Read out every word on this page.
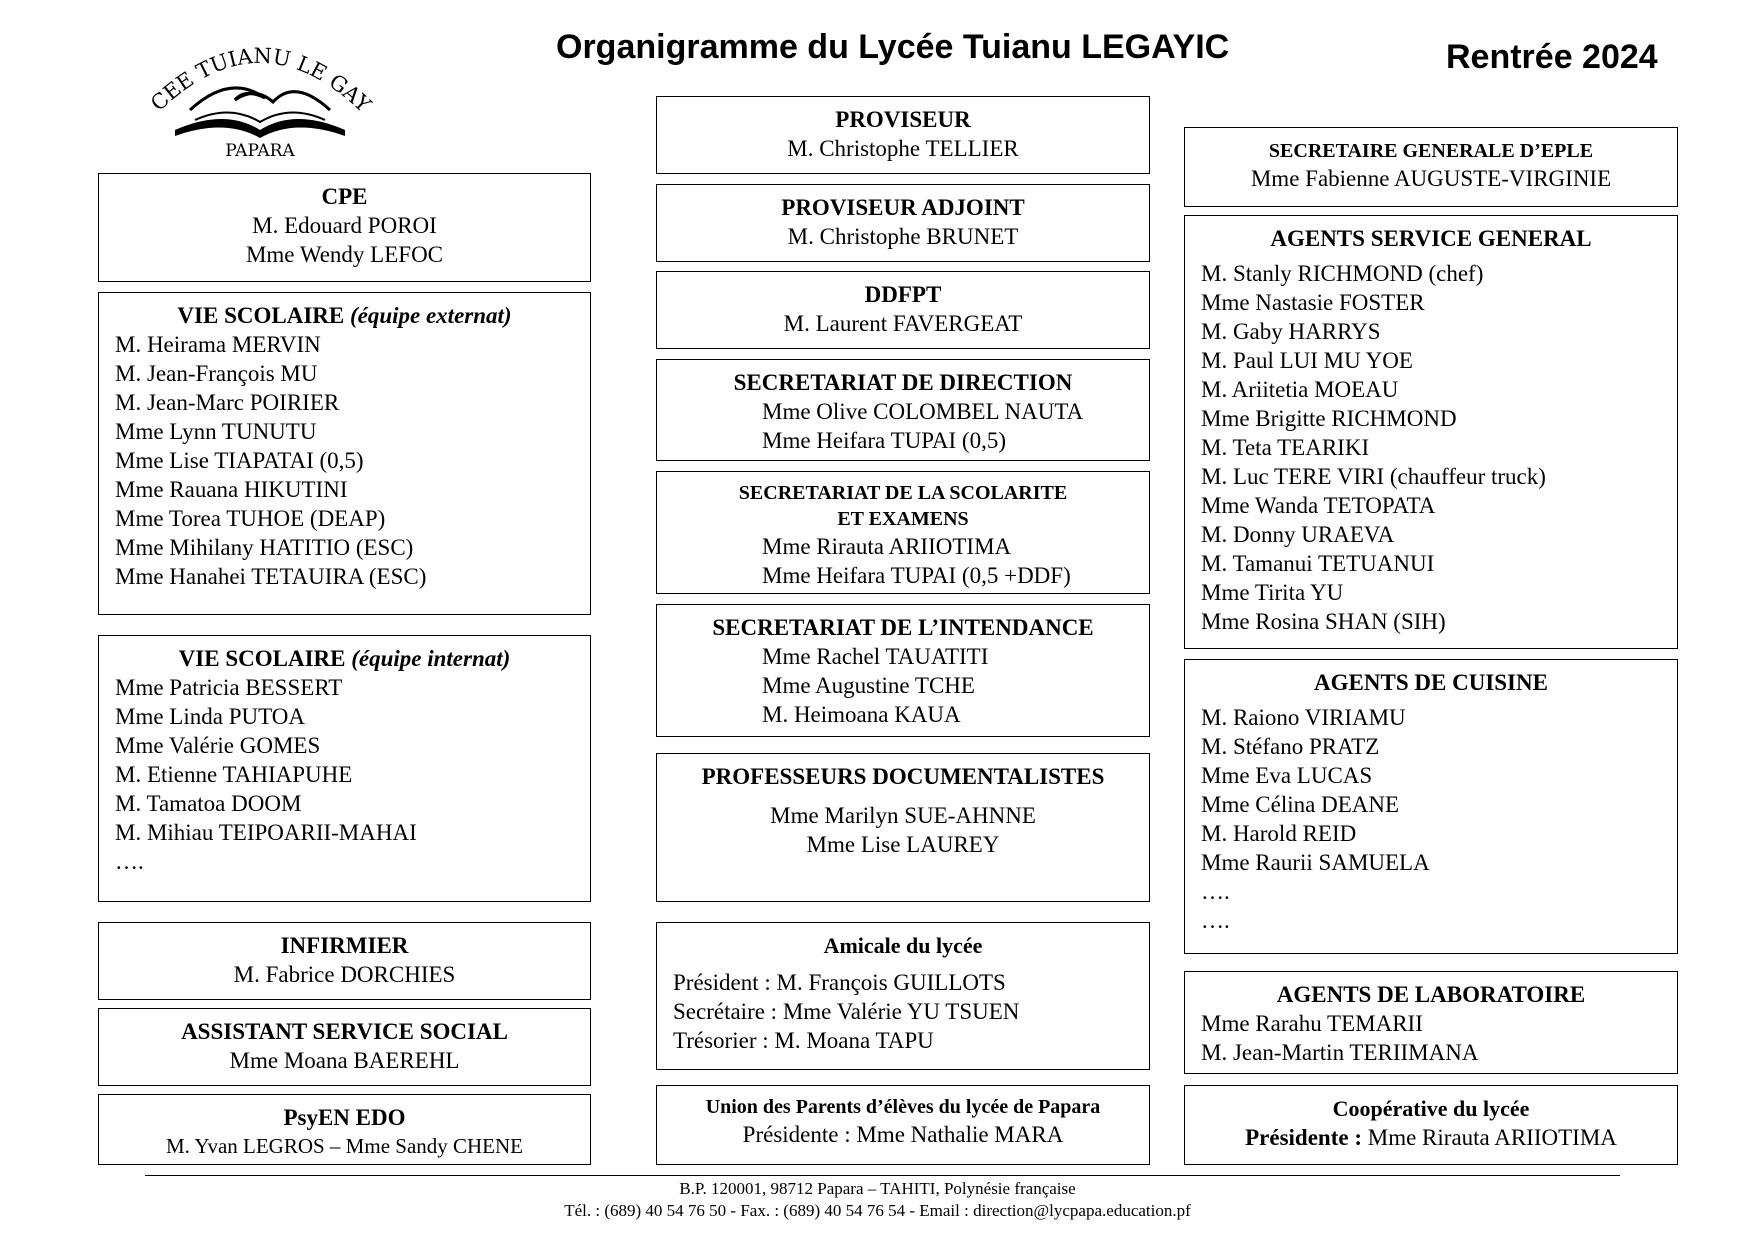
CEE TUIANU LE GAY
PAPARA
Organigramme du Lycée Tuianu LEGAYIC	Rentrée 2024
CPE
M. Edouard POROI
Mme Wendy LEFOC
VIE SCOLAIRE (équipe externat)
M. Heirama MERVIN
M. Jean-François MU
M. Jean-Marc POIRIER
Mme Lynn TUNUTU
Mme Lise TIAPATAI (0,5)
Mme Rauana HIKUTINI
Mme Torea TUHOE (DEAP)
Mme Mihilany HATITIO (ESC)
Mme Hanahei TETAUIRA (ESC)
VIE SCOLAIRE (équipe internat)
Mme Patricia BESSERT
Mme Linda PUTOA
Mme Valérie GOMES
M. Etienne TAHIAPUHE
M. Tamatoa DOOM
M. Mihiau TEIPOARII-MAHAI
….
INFIRMIER
M. Fabrice DORCHIES
ASSISTANT SERVICE SOCIAL
Mme Moana BAEREHL
PsyEN EDO
M. Yvan LEGROS – Mme Sandy CHENE
PROVISEUR
M. Christophe TELLIER
PROVISEUR ADJOINT
M. Christophe BRUNET
DDFPT
M. Laurent FAVERGEAT
SECRETARIAT DE DIRECTION
Mme Olive COLOMBEL NAUTA
Mme Heifara TUPAI (0,5)
SECRETARIAT DE LA SCOLARITE
ET EXAMENS
Mme Rirauta ARIIOTIMA
Mme Heifara TUPAI (0,5 +DDF)
SECRETARIAT DE L’INTENDANCE
Mme Rachel TAUATITI
Mme Augustine TCHE
M. Heimoana KAUA
PROFESSEURS DOCUMENTALISTES
Mme Marilyn SUE-AHNNE
Mme Lise LAUREY
Amicale du lycée
Président : M. François GUILLOTS
Secrétaire : Mme Valérie YU TSUEN
Trésorier : M. Moana TAPU
Union des Parents d’élèves du lycée de Papara
Présidente : Mme Nathalie MARA
SECRETAIRE GENERALE D’EPLE
Mme Fabienne AUGUSTE-VIRGINIE
AGENTS SERVICE GENERAL
M. Stanly RICHMOND (chef)
Mme Nastasie FOSTER
M. Gaby HARRYS
M. Paul LUI MU YOE
M. Ariitetia MOEAU
Mme Brigitte RICHMOND
M. Teta TEARIKI
M. Luc TERE VIRI (chauffeur truck)
Mme Wanda TETOPATA
M. Donny URAEVA
M. Tamanui TETUANUI
Mme Tirita YU
Mme Rosina SHAN (SIH)
AGENTS DE CUISINE
M. Raiono VIRIAMU
M. Stéfano PRATZ
Mme Eva LUCAS
Mme Célina DEANE
M. Harold REID
Mme Raurii SAMUELA
….
….
AGENTS DE LABORATOIRE
Mme Rarahu TEMARII
M. Jean-Martin TERIIMANA
Coopérative du lycée
Présidente : Mme Rirauta ARIIOTIMA
B.P. 120001, 98712 Papara – TAHITI, Polynésie française
Tél. : (689) 40 54 76 50 - Fax. : (689) 40 54 76 54 - Email : direction@lycpapa.education.pf
